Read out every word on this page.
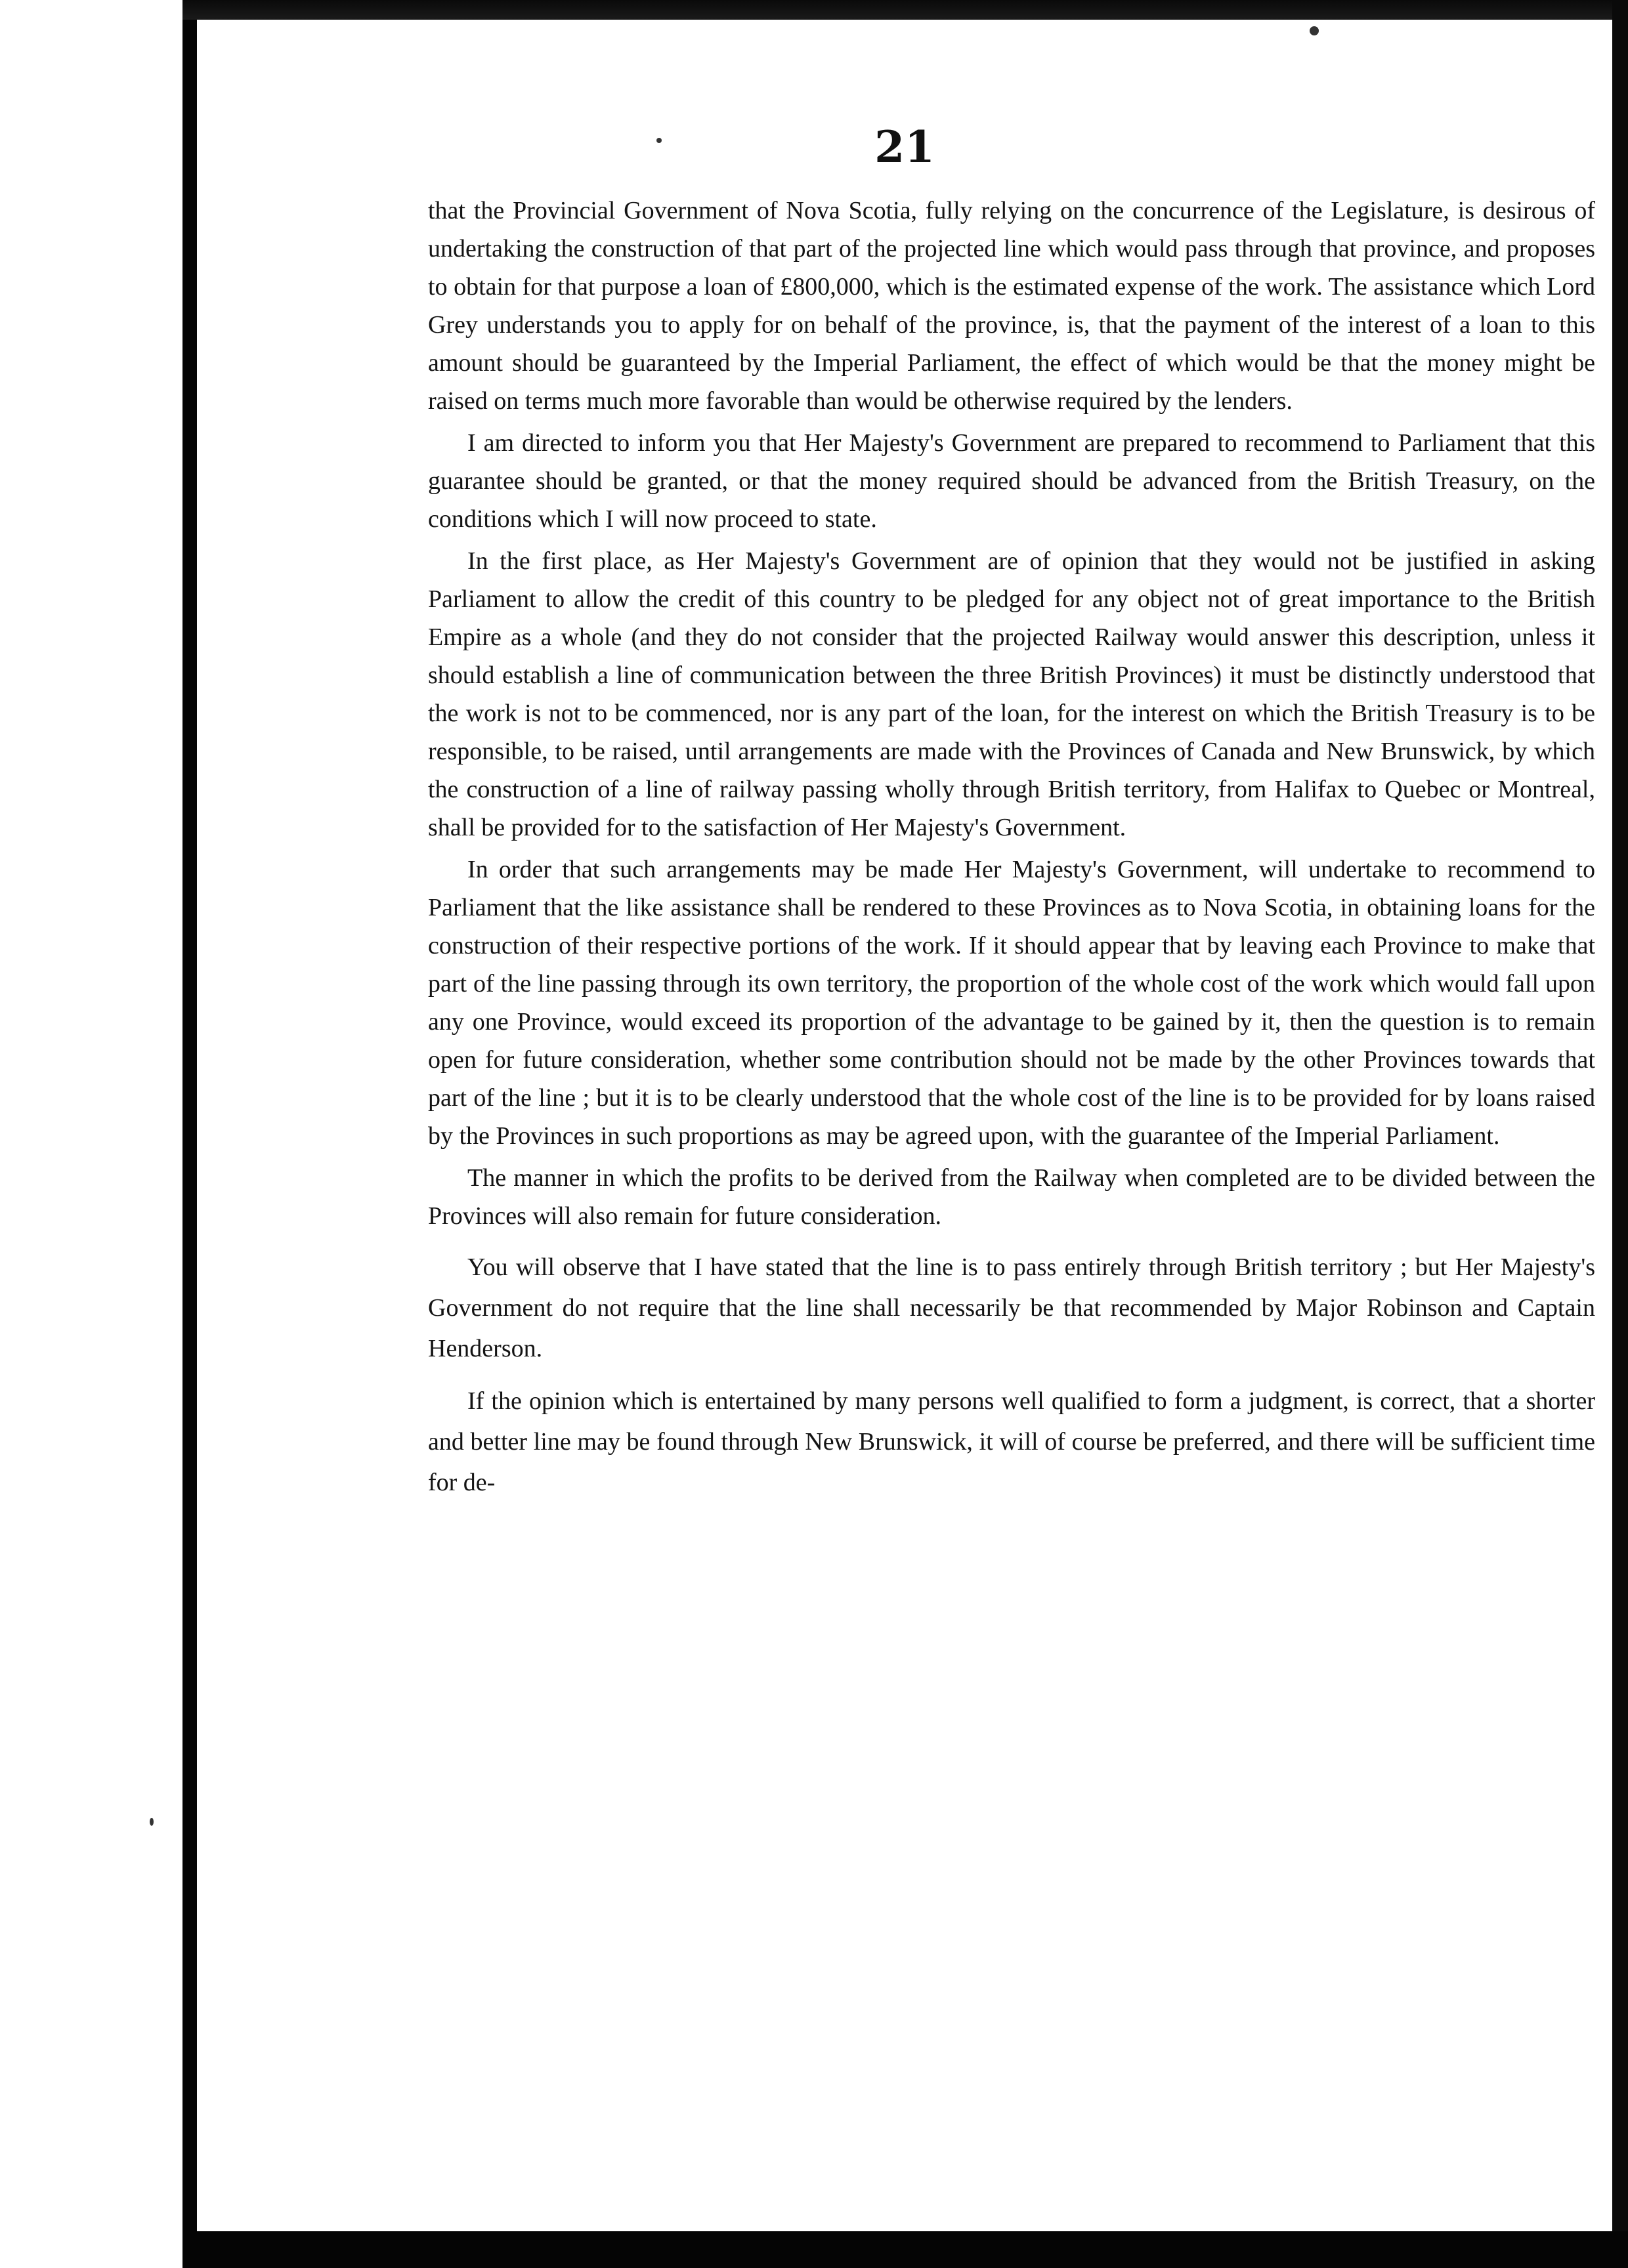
21

that the Provincial Government of Nova Scotia, fully relying on the concurrence of the Legislature, is desirous of undertaking the construction of that part of the projected line which would pass through that province, and proposes to obtain for that purpose a loan of £800,000, which is the estimated expense of the work. The assistance which Lord Grey understands you to apply for on behalf of the province, is, that the payment of the interest of a loan to this amount should be guaranteed by the Imperial Parliament, the effect of which would be that the money might be raised on terms much more favorable than would be otherwise required by the lenders.

I am directed to inform you that Her Majesty's Government are prepared to recommend to Parliament that this guarantee should be granted, or that the money required should be advanced from the British Treasury, on the conditions which I will now proceed to state.

In the first place, as Her Majesty's Government are of opinion that they would not be justified in asking Parliament to allow the credit of this country to be pledged for any object not of great importance to the British Empire as a whole (and they do not consider that the projected Railway would answer this description, unless it should establish a line of communication between the three British Provinces) it must be distinctly understood that the work is not to be commenced, nor is any part of the loan, for the interest on which the British Treasury is to be responsible, to be raised, until arrangements are made with the Provinces of Canada and New Brunswick, by which the construction of a line of railway passing wholly through British territory, from Halifax to Quebec or Montreal, shall be provided for to the satisfaction of Her Majesty's Government.

In order that such arrangements may be made Her Majesty's Government, will undertake to recommend to Parliament that the like assistance shall be rendered to these Provinces as to Nova Scotia, in obtaining loans for the construction of their respective portions of the work. If it should appear that by leaving each Province to make that part of the line passing through its own territory, the proportion of the whole cost of the work which would fall upon any one Province, would exceed its proportion of the advantage to be gained by it, then the question is to remain open for future consideration, whether some contribution should not be made by the other Provinces towards that part of the line ; but it is to be clearly understood that the whole cost of the line is to be provided for by loans raised by the Provinces in such proportions as may be agreed upon, with the guarantee of the Imperial Parliament.

The manner in which the profits to be derived from the Railway when completed are to be divided between the Provinces will also remain for future consideration.

You will observe that I have stated that the line is to pass entirely through British territory ; but Her Majesty's Government do not require that the line shall necessarily be that recommended by Major Robinson and Captain Henderson.

If the opinion which is entertained by many persons well qualified to form a judgment, is correct, that a shorter and better line may be found through New Brunswick, it will of course be preferred, and there will be sufficient time for de-
